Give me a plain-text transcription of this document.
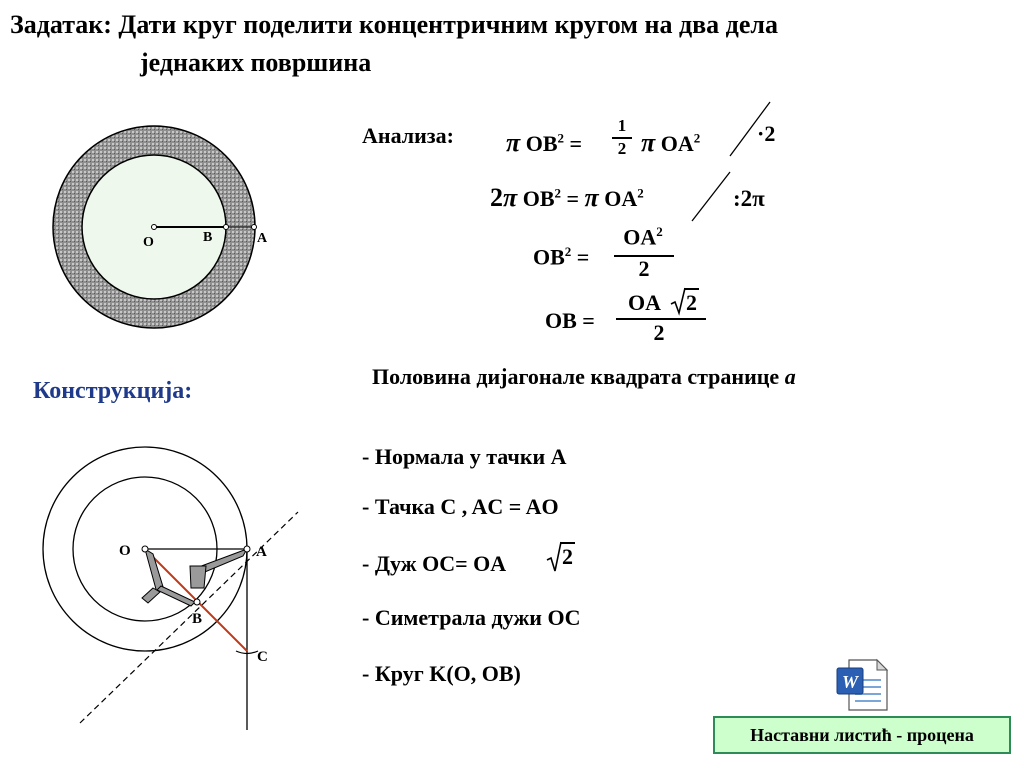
Задатак: Дати круг поделити концентричним кругом на два дела
једнаких површина
O	B	A
Анализа: π $OB^2$ =
1
2 π $OA^2$	·2
2π $OB^2 = \pi$ $OA^2$	:2π
$OB^2$ =
$OA^2$
2
OB =
OA 2
2
Половина дијагонале квадрата странице a
Конструкција:
- Нормала у тачки А
- Тачка C , AC = AO
- Дуж OC= OA	2
- Симетрала дужи OC
- Круг K(O, OB)
O	A
B
C
W
Наставни листић - процена
